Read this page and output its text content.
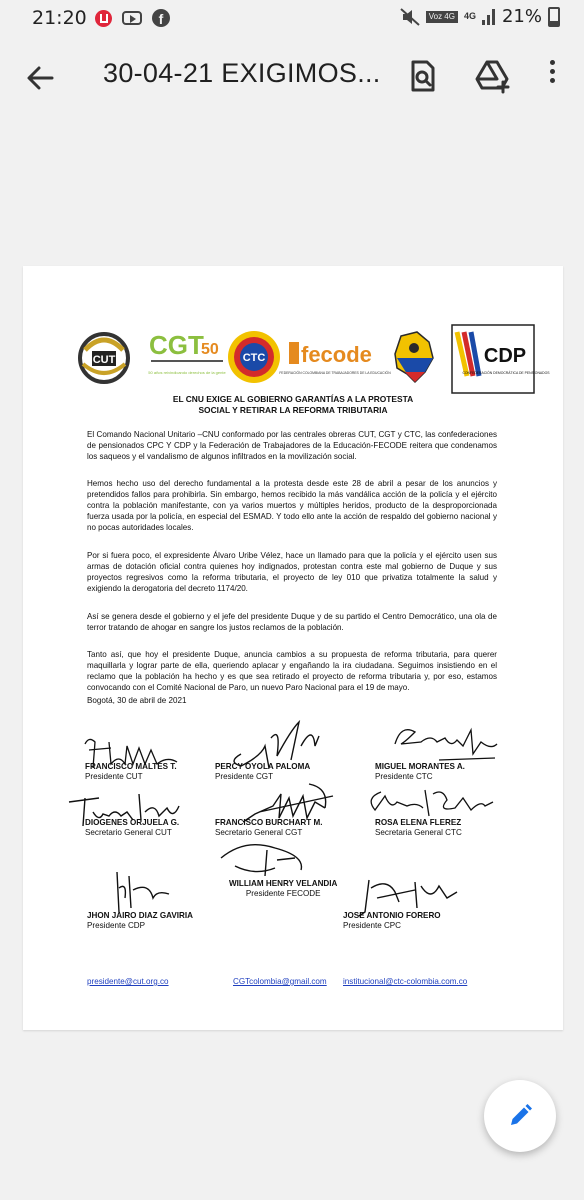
21:20	f	Voz 4G	4G 21%
30-04-21 EXIGIMOS...
CUT CGT
50
50 años reivindicando derechos de la gente
CTC fecode
FEDERACIÓN COLOMBIANA DE TRABAJADORES DE LA EDUCACIÓN
CDP
CONFEDERACIÓN DEMOCRÁTICA DE PENSIONADOS
EL CNU EXIGE AL GOBIERNO GARANTÍAS A LA PROTESTA
SOCIAL Y RETIRAR LA REFORMA TRIBUTARIA

El Comando Nacional Unitario –CNU conformado por las centrales obreras CUT, CGT y CTC, las confederaciones de pensionados CPC Y CDP y la Federación de Trabajadores de la Educación-FECODE reitera que condenamos los saqueos y el vandalismo de algunos infiltrados en la movilización social.

Hemos hecho uso del derecho fundamental a la protesta desde este 28 de abril a pesar de los anuncios y pretendidos fallos para prohibirla. Sin embargo, hemos recibido la más vandálica acción de la policía y el ejército contra la población manifestante, con ya varios muertos y múltiples heridos, producto de la desproporcionada fuerza usada por la policía, en especial del ESMAD. Y todo ello ante la acción de respaldo del gobierno nacional y no pocas autoridades locales.

Por si fuera poco, el expresidente Álvaro Uribe Vélez, hace un llamado para que la policía y el ejército usen sus armas de dotación oficial contra quienes hoy indignados, protestan contra este mal gobierno de Duque y sus proyectos regresivos como la reforma tributaria, el proyecto de ley 010 que privatiza totalmente la salud y exigiendo la derogatoria del decreto 1174/20.

Así se genera desde el gobierno y el jefe del presidente Duque y de su partido el Centro Democrático, una ola de terror tratando de ahogar en sangre los justos reclamos de la población.

Tanto así, que hoy el presidente Duque, anuncia cambios a su propuesta de reforma tributaria, para querer maquillarla y lograr parte de ella, queriendo aplacar y engañando la ira ciudadana. Seguimos insistiendo en el reclamo que la población ha hecho y es que sea retirado el proyecto de reforma tributaria y, por eso, estamos convocando con el Comité Nacional de Paro, un nuevo Paro Nacional para el 19 de mayo.

Bogotá, 30 de abril de 2021
FRANCISCO MALTES T.
Presidente CUT
PERCY OYOLA PALOMA
Presidente CGT
MIGUEL MORANTES A.
Presidente CTC
DIOGENES ORJUELA G.
Secretario General CUT
FRANCISCO BURCHART M.
Secretario General CGT
ROSA ELENA FLEREZ
Secretaria General CTC
WILLIAM HENRY VELANDIA
Presidente FECODE
JHON JAIRO DIAZ GAVIRIA
Presidente CDP
JOSE ANTONIO FORERO
Presidente CPC
presidente@cut.org.co	CGTcolombia@gmail.com institucional@ctc-colombia.com.co
